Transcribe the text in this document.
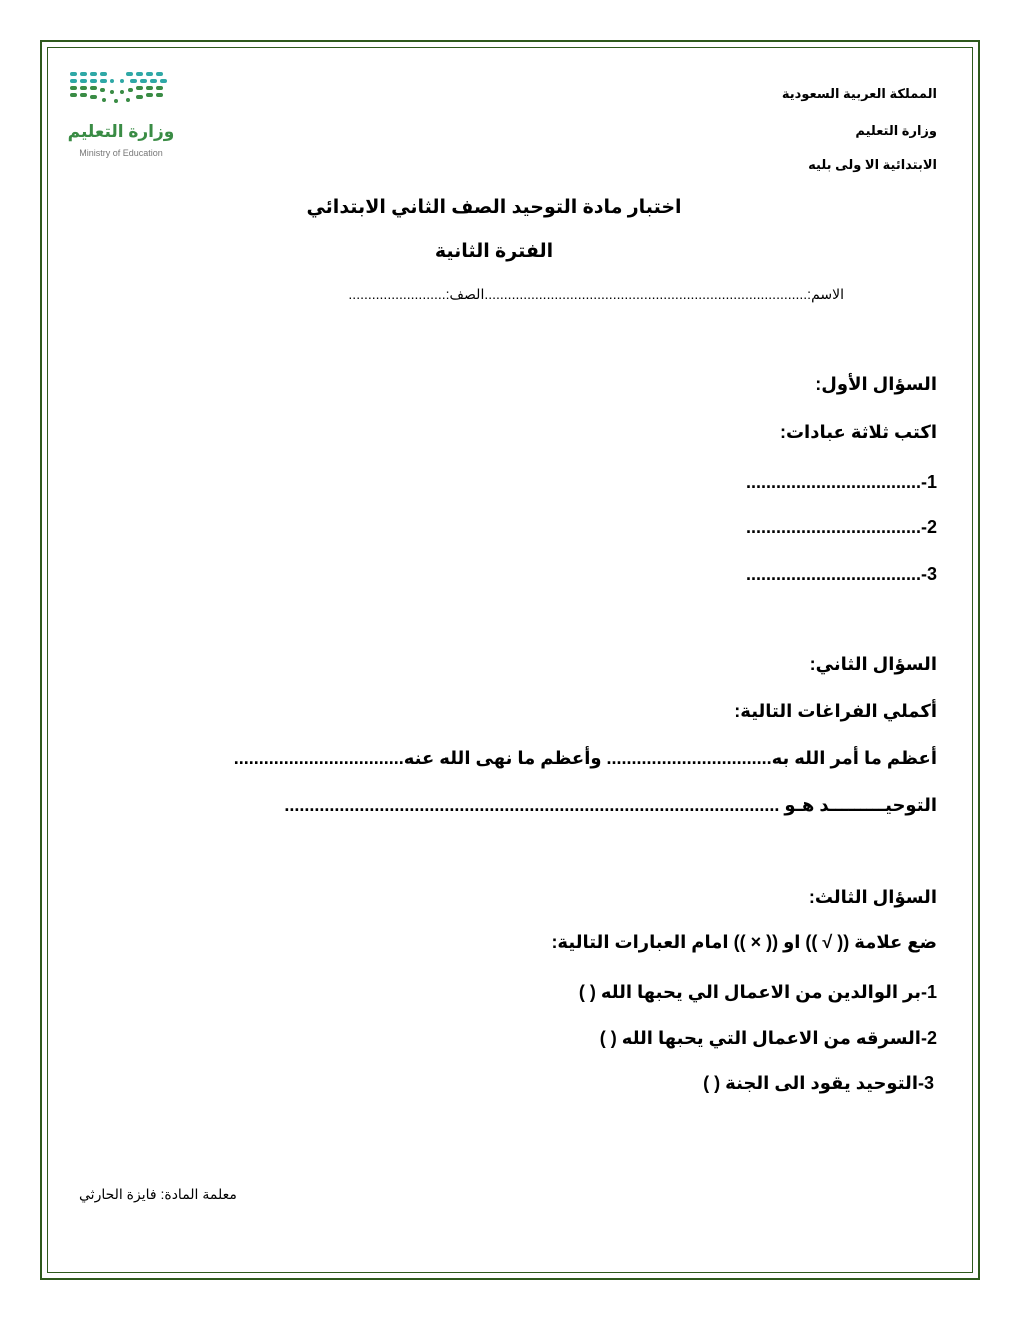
وزارة التعليم
Ministry of Education
المملكة العربية السعودية
وزارة التعليم
الابتدائية الا ولى بليه
اختبار مادة التوحيد الصف الثاني الابتدائي
الفترة الثانية
الاسم:...................................................................................الصف:.........................
السؤال الأول:
اكتب ثلاثة عبادات:
1-...................................
2-...................................
3-...................................
السؤال الثاني:
أكملي الفراغات التالية:
أعظم ما أمر الله به................................. وأعظم ما نهى الله عنه..................................
التوحيـــــــــد هـو ...................................................................................................
السؤال الثالث:
ضع علامة (( √ )) او (( × )) امام العبارات التالية:
1-بر الوالدين من الاعمال الي يحبها الله ( )
2-السرقه من الاعمال التي يحبها الله ( )
3-التوحيد يقود الى الجنة ( )
معلمة المادة: فايزة الحارثي
